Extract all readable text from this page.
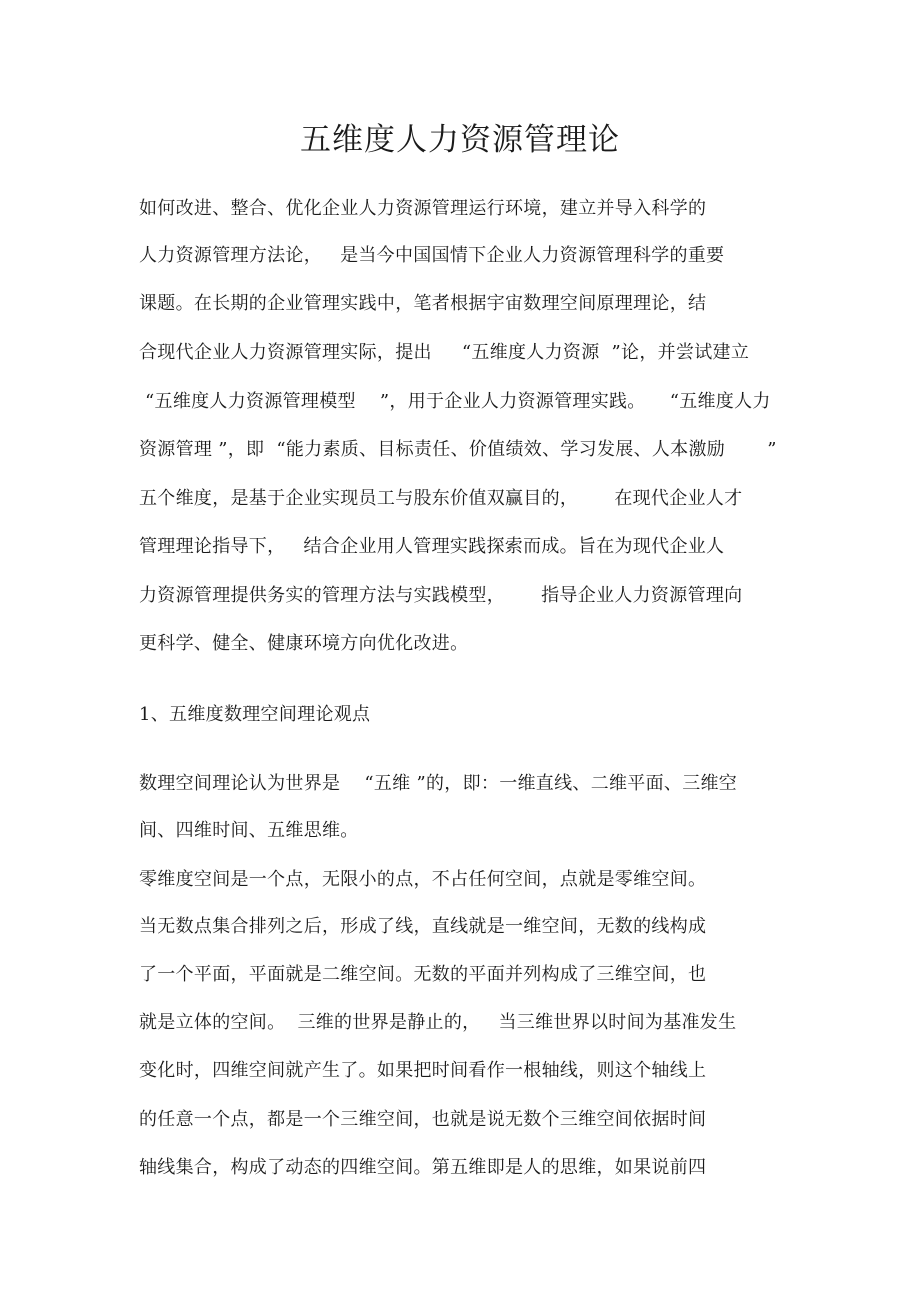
五维度人力资源管理论
如何改进、整合、优化企业人力资源管理运行环境，建立并导入科学的
人力资源管理方法论，   是当今中国国情下企业人力资源管理科学的重要
课题。在长期的企业管理实践中，笔者根据宇宙数理空间原理理论，结
合现代企业人力资源管理实际，提出     “五维度人力资源  ”论，并尝试建立
“五维度人力资源管理模型    ”，用于企业人力资源管理实践。    “五维度人力
资源管理 ”，即  “能力素质、目标责任、价值绩效、学习发展、人本激励       ”
五个维度，是基于企业实现员工与股东价值双赢目的，      在现代企业人才
管理理论指导下，   结合企业用人管理实践探索而成。旨在为现代企业人
力资源管理提供务实的管理方法与实践模型，      指导企业人力资源管理向
更科学、健全、健康环境方向优化改进。
1、五维度数理空间理论观点
数理空间理论认为世界是    “五维 ”的，即：一维直线、二维平面、三维空
间、四维时间、五维思维。
零维度空间是一个点，无限小的点，不占任何空间，点就是零维空间。
当无数点集合排列之后，形成了线，直线就是一维空间，无数的线构成
了一个平面，平面就是二维空间。无数的平面并列构成了三维空间，也
就是立体的空间。  三维的世界是静止的，   当三维世界以时间为基准发生
变化时，四维空间就产生了。如果把时间看作一根轴线，则这个轴线上
的任意一个点，都是一个三维空间，也就是说无数个三维空间依据时间
轴线集合，构成了动态的四维空间。第五维即是人的思维，如果说前四
